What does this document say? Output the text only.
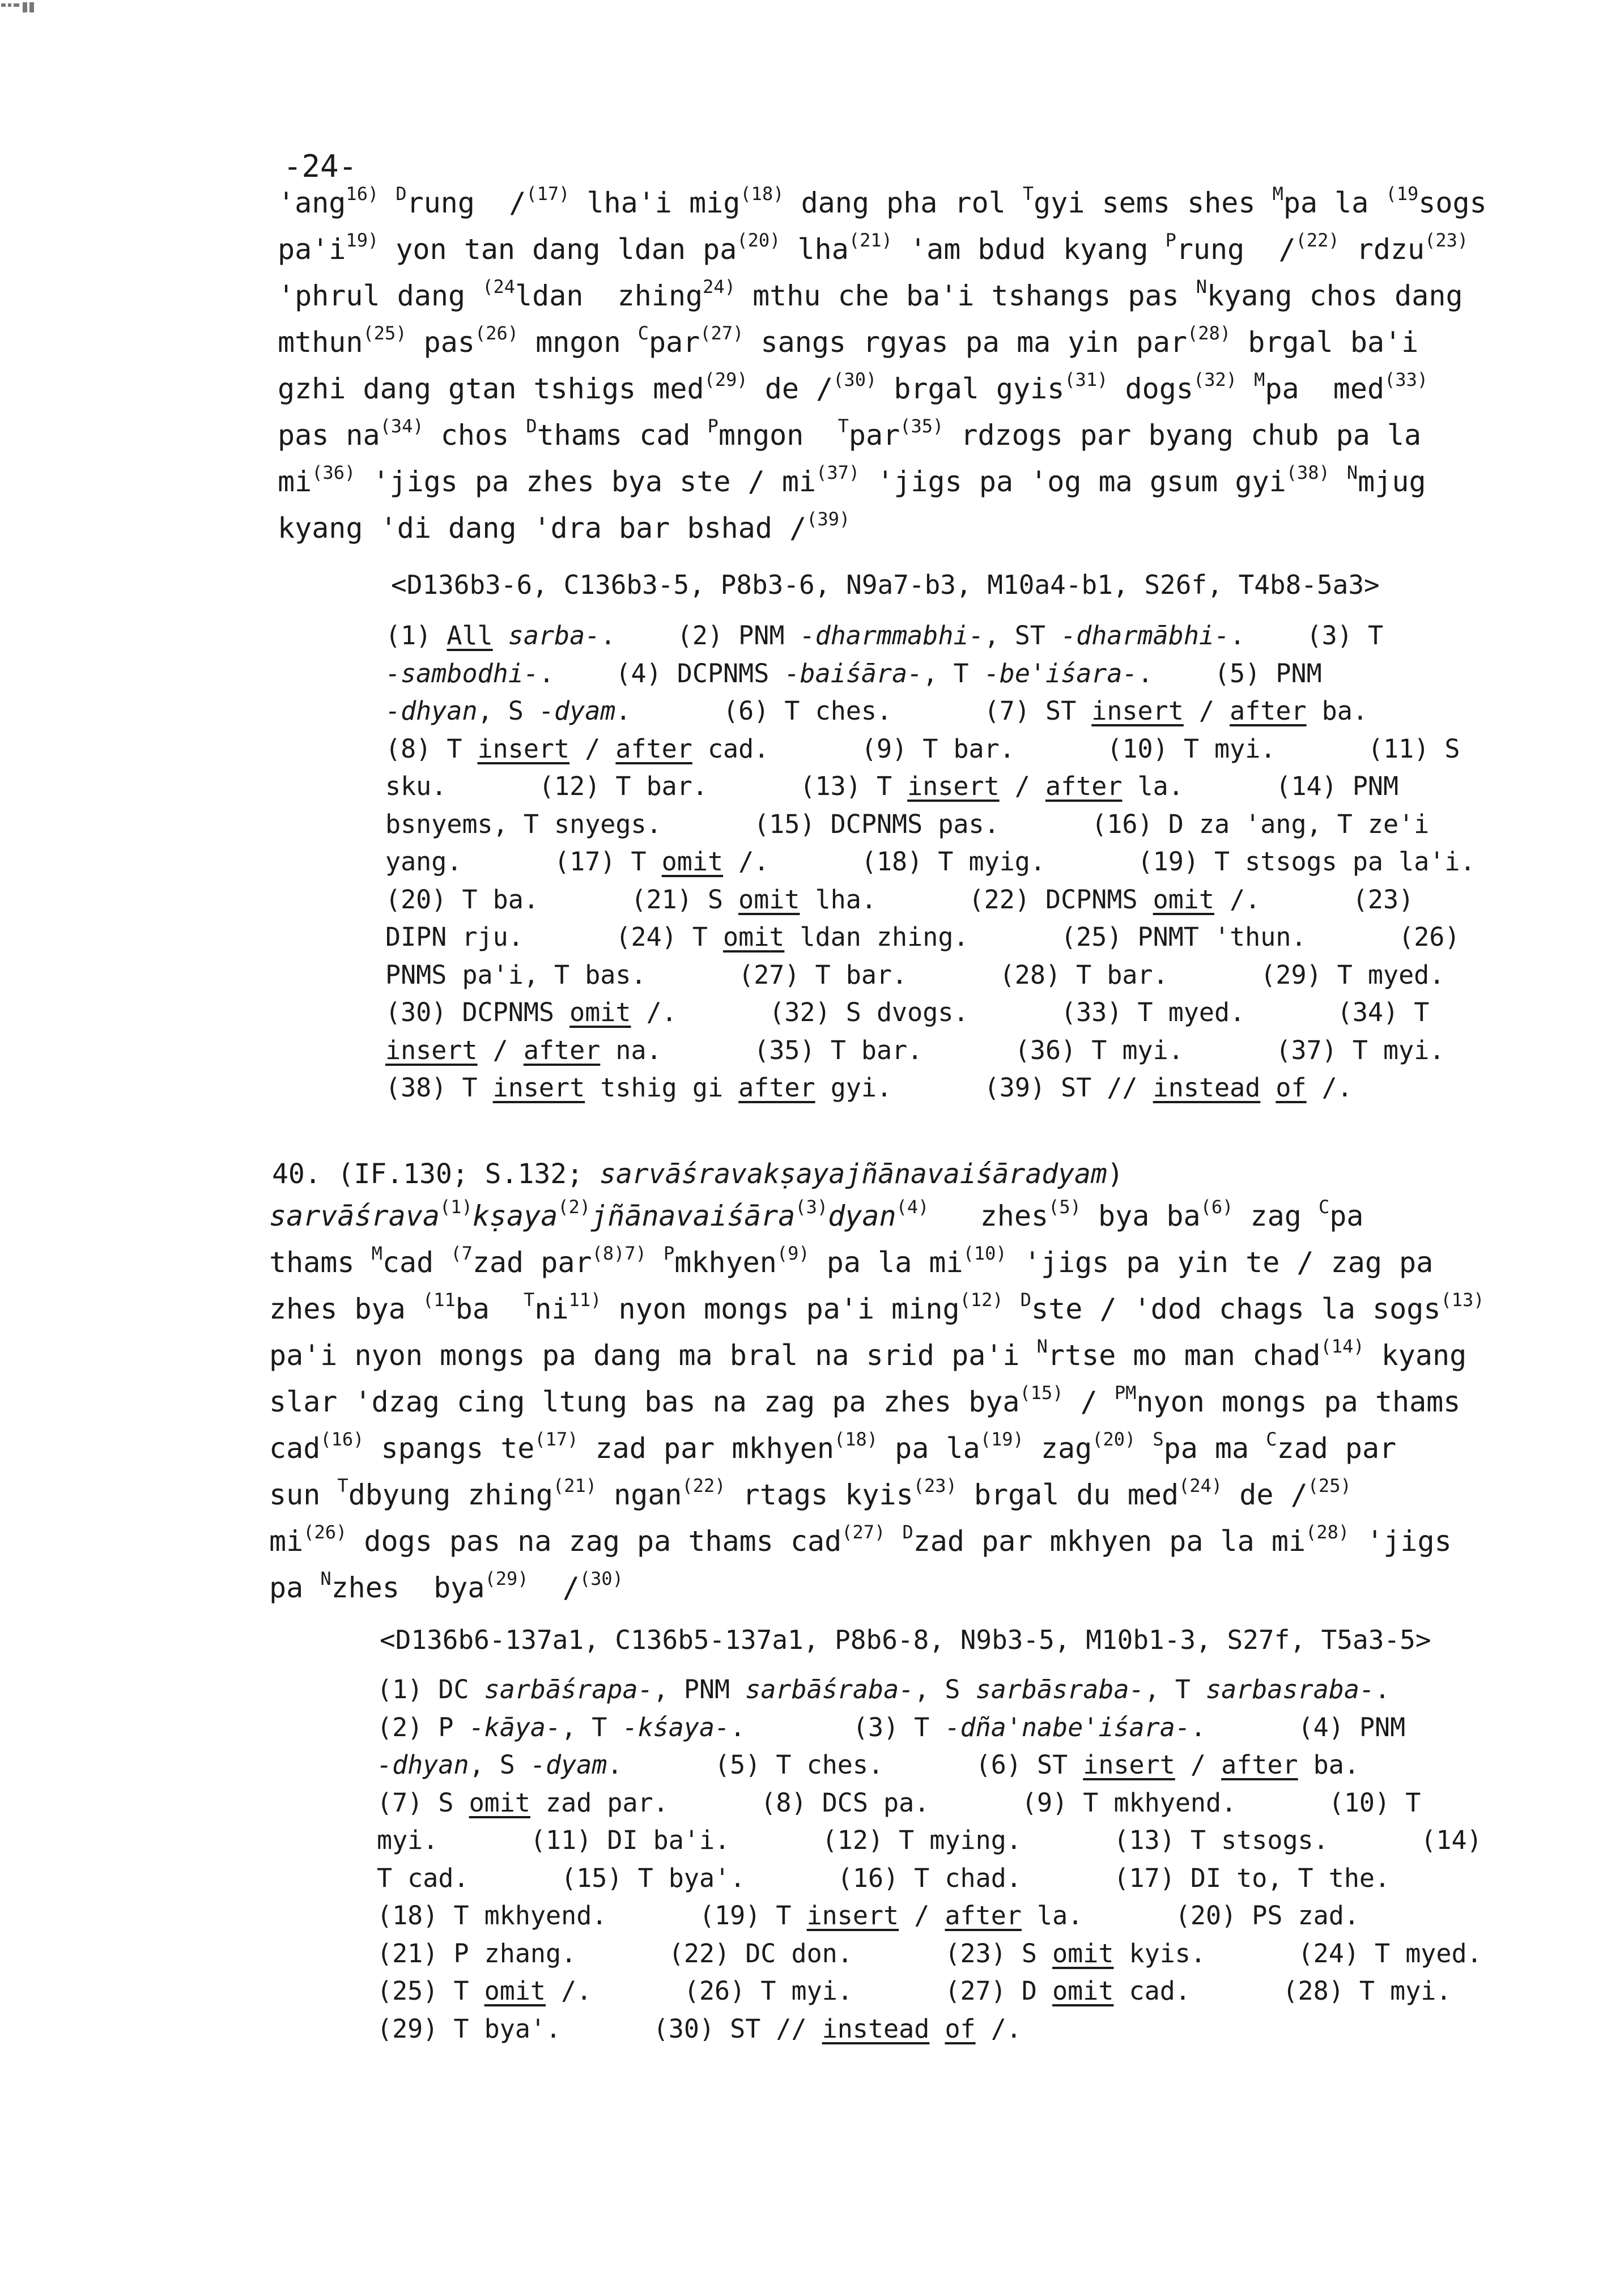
-24-
'ang$^{16)}$ $^D$rung  /$^{(17)}$ lha'i mig$^{(18)}$ dang pha rol $^T$gyi sems shes $^M$pa la $^{(19}$sogs
$pa'i^{19)}$ yon tan dang ldan $pa^{(20)}$ lha$^{(21)}$ 'am bdud kyang $^P$rung  /$^{(22)}$ rdzu$^{(23)}$
'phrul dang $^{(24}$ldan  zhing$^{24)}$ mthu che ba'i tshangs pas $^N$kyang chos dang
mthun$^{(25)}$ pas$^{(26)}$ mngon $^C$par$^{(27)}$ sangs rgyas pa ma yin par$^{(28)}$ brgal ba'i
gzhi dang gtan tshigs med$^{(29)}$ de /$^{(30)}$ brgal gyis$^{(31)}$ dogs$^{(32)}$ $^M$pa  med$^{(33)}$
pas $na^{(34)}$ chos $^D$thams cad $^P$mngon  $^T$par$^{(35)}$ rdzogs par byang chub pa la
$mi^{(36)}$ 'jigs pa zhes bya ste / $mi^{(37)}$ 'jigs pa 'og ma gsum gyi$^{(38)}$ $^N$mjug
kyang 'di dang 'dra bar bshad /$^{(39)}$
<D136b3-6, C136b3-5, P8b3-6, N9a7-b3, M10a4-b1, S26f, T4b8-5a3>
(1) All sarba-.    (2) PNM -dharmmabhi-, ST -dharmābhi-.    (3) T
-sambodhi-.    (4) DCPNMS -baiśāra-, T -be'iśara-.    (5) PNM
-dhyan, S -dyam.      (6) T ches.      (7) ST insert / after ba.
(8) T insert / after cad.      (9) T bar.      (10) T myi.      (11) S
sku.      (12) T bar.      (13) T insert / after la.      (14) PNM
bsnyems, T snyegs.      (15) DCPNMS pas.      (16) D za 'ang, T ze'i
yang.      (17) T omit /.      (18) T myig.      (19) T stsogs pa la'i.
(20) T ba.      (21) S omit lha.      (22) DCPNMS omit /.      (23)
DIPN rju.      (24) T omit ldan zhing.      (25) PNMT 'thun.      (26)
PNMS pa'i, T bas.      (27) T bar.      (28) T bar.      (29) T myed.
(30) DCPNMS omit /.      (32) S dvogs.      (33) T myed.      (34) T
insert / after na.      (35) T bar.      (36) T myi.      (37) T myi.
(38) T insert tshig gi after gyi.      (39) ST // instead of /.
40. (IF.130; S.132; sarvāśravakṣayajñānavaiśāradyam)
sarvāśrava$^{(1)}$kṣaya$^{(2)}$jñānavaiśāra$^{(3)}$dyan$^{(4)}$   zhes$^{(5)}$ bya $ba^{(6)}$ zag $^C$pa
thams $^M$cad $^{(7}$zad par$^{(8)7)}$ $^P$mkhyen$^{(9)}$ pa la $mi^{(10)}$ 'jigs pa yin te / zag pa
zhes bya $^{(11}$ba  $^Tni^{11)}$ nyon mongs pa'i ming$^{(12)}$ $^D$ste / 'dod chags la sogs$^{(13)}$
pa'i nyon mongs pa dang ma bral na srid pa'i $^N$rtse mo man chad$^{(14)}$ kyang
slar 'dzag cing ltung bas na zag pa zhes bya$^{(15)}$ / $^{PM}$nyon mongs pa thams
cad$^{(16)}$ spangs $te^{(17)}$ zad par mkhyen$^{(18)}$ pa $la^{(19)}$ zag$^{(20)}$ $^S$pa ma $^C$zad par
sun $^T$dbyung zhing$^{(21)}$ ngan$^{(22)}$ rtags kyis$^{(23)}$ brgal du med$^{(24)}$ de /$^{(25)}$
$mi^{(26)}$ dogs pas na zag pa thams cad$^{(27)}$ $^D$zad par mkhyen pa la $mi^{(28)}$ 'jigs
pa $^N$zhes  bya$^{(29)}$  /$^{(30)}$
<D136b6-137a1, C136b5-137a1, P8b6-8, N9b3-5, M10b1-3, S27f, T5a3-5>
(1) DC sarbāśrapa-, PNM sarbāśraba-, S sarbāsraba-, T sarbasraba-.
(2) P -kāya-, T -kśaya-.       (3) T -dña'nabe'iśara-.      (4) PNM
-dhyan, S -dyam.      (5) T ches.      (6) ST insert / after ba.
(7) S omit zad par.      (8) DCS pa.      (9) T mkhyend.      (10) T
myi.      (11) DI ba'i.      (12) T mying.      (13) T stsogs.      (14)
T cad.      (15) T bya'.      (16) T chad.      (17) DI to, T the.
(18) T mkhyend.      (19) T insert / after la.      (20) PS zad.
(21) P zhang.      (22) DC don.      (23) S omit kyis.      (24) T myed.
(25) T omit /.      (26) T myi.      (27) D omit cad.      (28) T myi.
(29) T bya'.      (30) ST // instead of /.
